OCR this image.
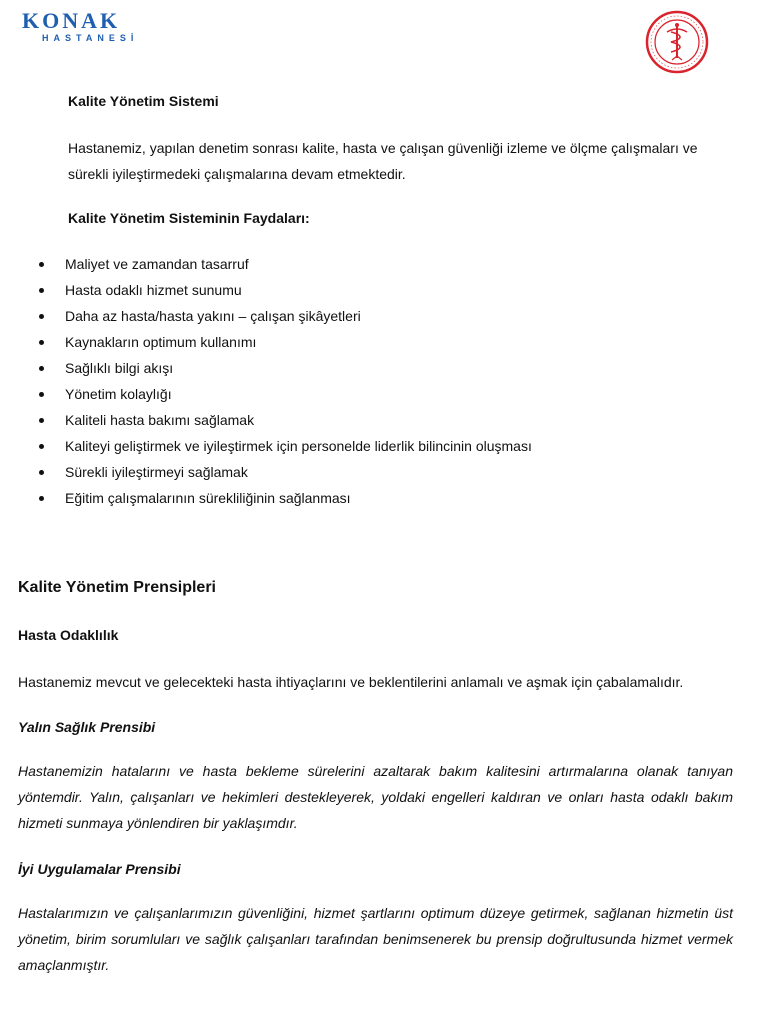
KONAK
HASTANESİ

Kalite Yönetim Sistemi

Hastanemiz, yapılan denetim sonrası kalite, hasta ve çalışan güvenliği izleme ve ölçme çalışmaları ve sürekli iyileştirmedeki çalışmalarına devam etmektedir.

Kalite Yönetim Sisteminin Faydaları:

Maliyet ve zamandan tasarruf
Hasta odaklı hizmet sunumu
Daha az hasta/hasta yakını – çalışan şikâyetleri
Kaynakların optimum kullanımı
Sağlıklı bilgi akışı
Yönetim kolaylığı
Kaliteli hasta bakımı sağlamak
Kaliteyi geliştirmek ve iyileştirmek için personelde liderlik bilincinin oluşması
Sürekli iyileştirmeyi sağlamak
Eğitim çalışmalarının sürekliliğinin sağlanması

Kalite Yönetim Prensipleri

Hasta Odaklılık

Hastanemiz mevcut ve gelecekteki hasta ihtiyaçlarını ve beklentilerini anlamalı ve aşmak için çabalamalıdır.

Yalın Sağlık Prensibi

Hastanemizin hatalarını ve hasta bekleme sürelerini azaltarak bakım kalitesini artırmalarına olanak tanıyan yöntemdir. Yalın, çalışanları ve hekimleri destekleyerek, yoldaki engelleri kaldıran ve onları hasta odaklı bakım hizmeti sunmaya yönlendiren bir yaklaşımdır.

İyi Uygulamalar Prensibi

Hastalarımızın ve çalışanlarımızın güvenliğini, hizmet şartlarını optimum düzeye getirmek, sağlanan hizmetin üst yönetim, birim sorumluları ve sağlık çalışanları tarafından benimsenerek bu prensip doğrultusunda hizmet vermek amaçlanmıştır.
